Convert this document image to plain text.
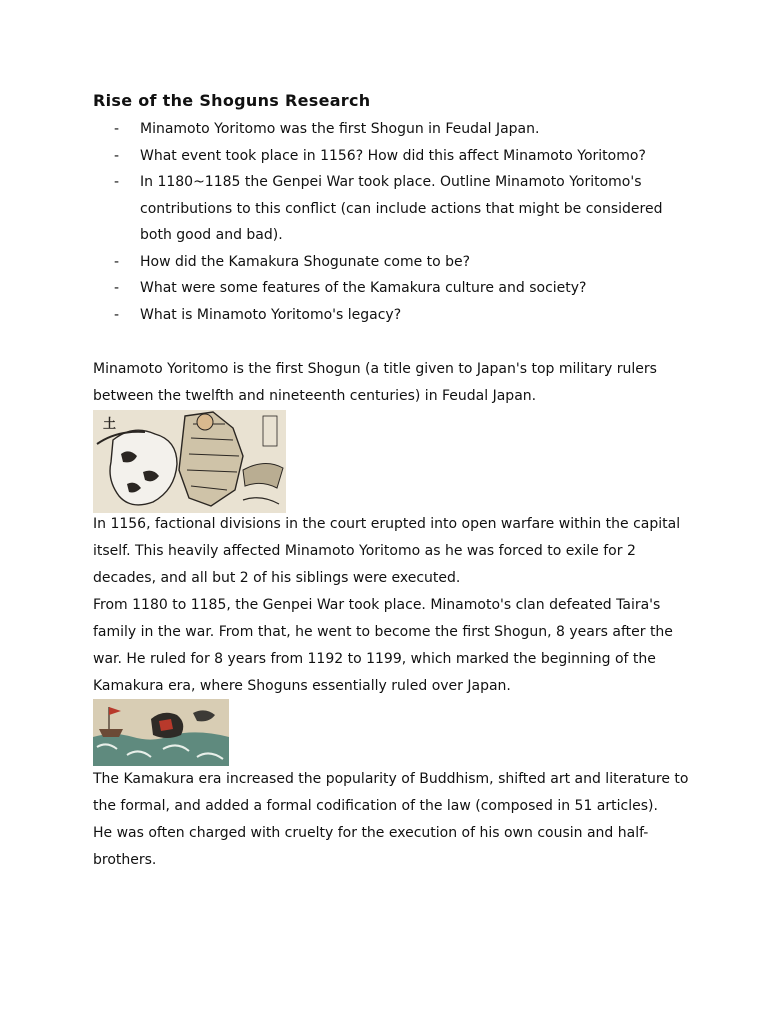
Rise of the Shoguns Research
- Minamoto Yoritomo was the first Shogun in Feudal Japan.
- What event took place in 1156? How did this affect Minamoto Yoritomo?
- In 1180~1185 the Genpei War took place. Outline Minamoto Yoritomo's contributions to this conflict (can include actions that might be considered both good and bad).
- How did the Kamakura Shogunate come to be?
- What were some features of the Kamakura culture and society?
- What is Minamoto Yoritomo's legacy?

Minamoto Yoritomo is the first Shogun (a title given to Japan's top military rulers between the twelfth and nineteenth centuries) in Feudal Japan.

土

In 1156, factional divisions in the court erupted into open warfare within the capital itself. This heavily affected Minamoto Yoritomo as he was forced to exile for 2 decades, and all but 2 of his siblings were executed.

From 1180 to 1185, the Genpei War took place. Minamoto's clan defeated Taira's family in the war. From that, he went to become the first Shogun, 8 years after the war. He ruled for 8 years from 1192 to 1199, which marked the beginning of the Kamakura era, where Shoguns essentially ruled over Japan.

The Kamakura era increased the popularity of Buddhism, shifted art and literature to the formal, and added a formal codification of the law (composed in 51 articles).

He was often charged with cruelty for the execution of his own cousin and half-brothers.
